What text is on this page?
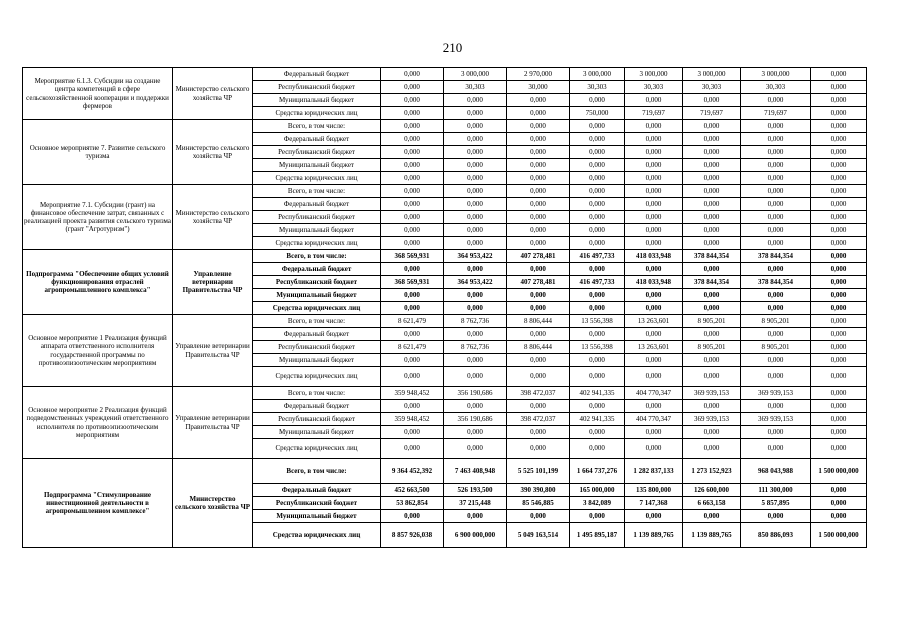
210
Мероприятие 6.1.3. Субсидии на создание центра компетенций в сфере сельскохозяйственной кооперации и поддержки фермеров	Министерство сельского хозяйства ЧР	Федеральный бюджет	0,000	3 000,000	2 970,000	3 000,000	3 000,000	3 000,000	3 000,000	0,000
		Республиканский бюджет	0,000	30,303	30,000	30,303	30,303	30,303	30,303	0,000
		Муниципальный бюджет	0,000	0,000	0,000	0,000	0,000	0,000	0,000	0,000
		Средства юридических лиц	0,000	0,000	0,000	750,000	719,697	719,697	719,697	0,000
Основное мероприятие 7. Развитие сельского туризма	Министерство сельского хозяйства ЧР	Всего, в том числе:	0,000	0,000	0,000	0,000	0,000	0,000	0,000	0,000
		Федеральный бюджет	0,000	0,000	0,000	0,000	0,000	0,000	0,000	0,000
		Республиканский бюджет	0,000	0,000	0,000	0,000	0,000	0,000	0,000	0,000
		Муниципальный бюджет	0,000	0,000	0,000	0,000	0,000	0,000	0,000	0,000
		Средства юридических лиц	0,000	0,000	0,000	0,000	0,000	0,000	0,000	0,000
Мероприятие 7.1. Субсидии (грант) на финансовое обеспечение затрат, связанных с реализацией проекта развития сельского туризма (грант "Агротуризм")	Министерство сельского хозяйства ЧР	Всего, в том числе:	0,000	0,000	0,000	0,000	0,000	0,000	0,000	0,000
		Федеральный бюджет	0,000	0,000	0,000	0,000	0,000	0,000	0,000	0,000
		Республиканский бюджет	0,000	0,000	0,000	0,000	0,000	0,000	0,000	0,000
		Муниципальный бюджет	0,000	0,000	0,000	0,000	0,000	0,000	0,000	0,000
		Средства юридических лиц	0,000	0,000	0,000	0,000	0,000	0,000	0,000	0,000
Подпрограмма "Обеспечение общих условий функционирования отраслей агропромышленного комплекса"	Управление ветеринарии Правительства ЧР	Всего, в том числе:	368 569,931	364 953,422	407 278,481	416 497,733	418 033,948	378 844,354	378 844,354	0,000
		Федеральный бюджет	0,000	0,000	0,000	0,000	0,000	0,000	0,000	0,000
		Республиканский бюджет	368 569,931	364 953,422	407 278,481	416 497,733	418 033,948	378 844,354	378 844,354	0,000
		Муниципальный бюджет	0,000	0,000	0,000	0,000	0,000	0,000	0,000	0,000
		Средства юридических лиц	0,000	0,000	0,000	0,000	0,000	0,000	0,000	0,000
Основное мероприятие 1 Реализация функций аппарата ответственного исполнителя государственной программы по противоэпизоотическим мероприятиям	Управление ветеринарии Правительства ЧР	Всего, в том числе:	8 621,479	8 762,736	8 806,444	13 556,398	13 263,601	8 905,201	8 905,201	0,000
		Федеральный бюджет	0,000	0,000	0,000	0,000	0,000	0,000	0,000	0,000
		Республиканский бюджет	8 621,479	8 762,736	8 806,444	13 556,398	13 263,601	8 905,201	8 905,201	0,000
		Муниципальный бюджет	0,000	0,000	0,000	0,000	0,000	0,000	0,000	0,000
		Средства юридических лиц	0,000	0,000	0,000	0,000	0,000	0,000	0,000	0,000
Основное мероприятие 2 Реализация функций подведомственных учреждений ответственного исполнителя по противоэпизоотическим мероприятиям	Управление ветеринарии Правительства ЧР	Всего, в том числе:	359 948,452	356 190,686	398 472,037	402 941,335	404 770,347	369 939,153	369 939,153	0,000
		Федеральный бюджет	0,000	0,000	0,000	0,000	0,000	0,000	0,000	0,000
		Республиканский бюджет	359 948,452	356 190,686	398 472,037	402 941,335	404 770,347	369 939,153	369 939,153	0,000
		Муниципальный бюджет	0,000	0,000	0,000	0,000	0,000	0,000	0,000	0,000
		Средства юридических лиц	0,000	0,000	0,000	0,000	0,000	0,000	0,000	0,000
Подпрограмма "Стимулирование инвестиционной деятельности в агропромышленном комплексе"	Министерство сельского хозяйства ЧР	Всего, в том числе:	9 364 452,392	7 463 408,948	5 525 101,199	1 664 737,276	1 282 837,133	1 273 152,923	968 043,988	1 500 000,000
		Федеральный бюджет	452 663,500	526 193,500	390 390,800	165 000,000	135 800,000	126 600,000	111 300,000	0,000
		Республиканский бюджет	53 862,854	37 215,448	85 546,885	3 842,089	7 147,368	6 663,158	5 857,895	0,000
		Муниципальный бюджет	0,000	0,000	0,000	0,000	0,000	0,000	0,000	0,000
		Средства юридических лиц	8 857 926,038	6 900 000,000	5 049 163,514	1 495 895,187	1 139 889,765	1 139 889,765	850 886,093	1 500 000,000
